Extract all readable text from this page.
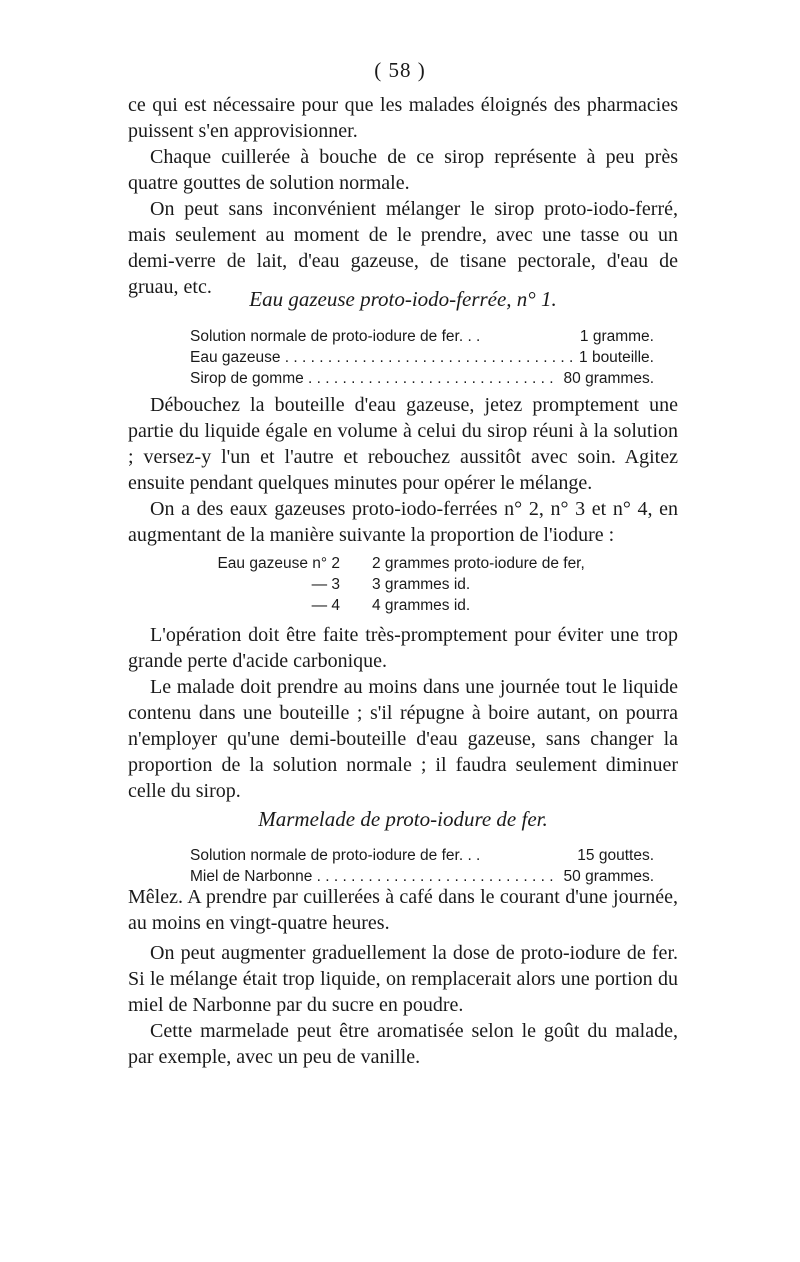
( 58 )

ce qui est nécessaire pour que les malades éloignés des pharmacies puissent s'en approvisionner.

Chaque cuillerée à bouche de ce sirop représente à peu près quatre gouttes de solution normale.

On peut sans inconvénient mélanger le sirop proto-iodo-ferré, mais seulement au moment de le prendre, avec une tasse ou un demi-verre de lait, d'eau gazeuse, de tisane pectorale, d'eau de gruau, etc.	Eau gazeuse proto-iodo-ferrée, n° 1.
Solution normale de proto-iodure de fer. . .	1 gramme.
Eau gazeuse . . .	1 bouteille.
Sirop de gomme . . .	80 grammes.

Débouchez la bouteille d'eau gazeuse, jetez promptement une partie du liquide égale en volume à celui du sirop réuni à la solution ; versez-y l'un et l'autre et rebouchez aussitôt avec soin. Agitez ensuite pendant quelques minutes pour opérer le mélange.

On a des eaux gazeuses proto-iodo-ferrées n° 2, n° 3 et n° 4, en augmentant de la manière suivante la proportion de l'iodure :

Eau gazeuse n° 2	2 grammes proto-iodure de fer,
— 3	3 grammes id.
— 4	4 grammes id.

L'opération doit être faite très-promptement pour éviter une trop grande perte d'acide carbonique.

Le malade doit prendre au moins dans une journée tout le liquide contenu dans une bouteille ; s'il répugne à boire autant, on pourra n'employer qu'une demi-bouteille d'eau gazeuse, sans changer la proportion de la solution normale ; il faudra seulement diminuer celle du sirop.

Marmelade de proto-iodure de fer.
Solution normale de proto-iodure de fer. . .	15 gouttes.
Miel de Narbonne . . .	50 grammes.

Mêlez. A prendre par cuillerées à café dans le courant d'une journée, au moins en vingt-quatre heures.

On peut augmenter graduellement la dose de proto-iodure de fer. Si le mélange était trop liquide, on remplacerait alors une portion du miel de Narbonne par du sucre en poudre.

Cette marmelade peut être aromatisée selon le goût du malade, par exemple, avec un peu de vanille.
